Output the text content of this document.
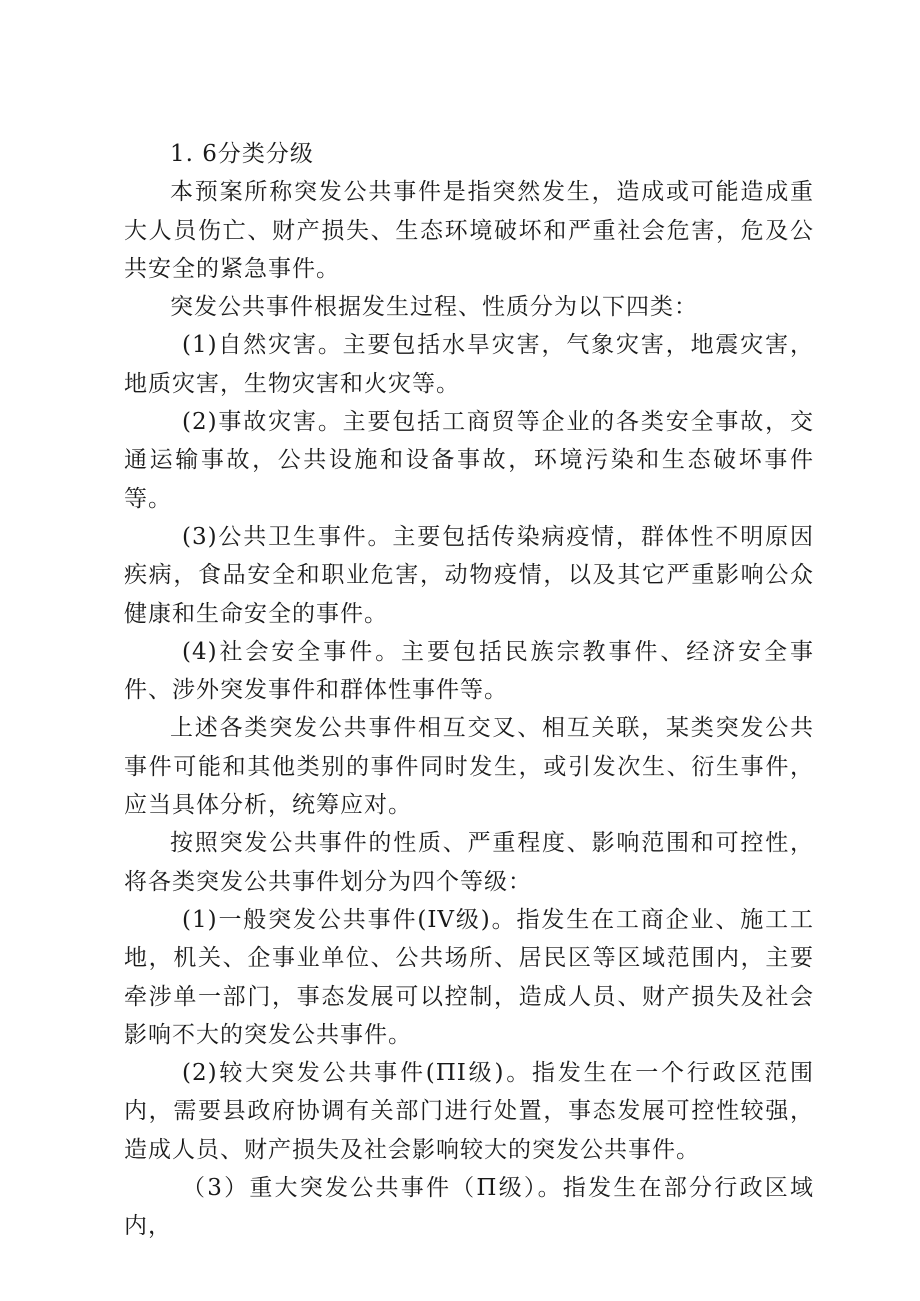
1. 6分类分级

本预案所称突发公共事件是指突然发生，造成或可能造成重大人员伤亡、财产损失、生态环境破坏和严重社会危害，危及公共安全的紧急事件。

突发公共事件根据发生过程、性质分为以下四类：

(1)自然灾害。主要包括水旱灾害，气象灾害，地震灾害，地质灾害，生物灾害和火灾等。

(2)事故灾害。主要包括工商贸等企业的各类安全事故，交通运输事故，公共设施和设备事故，环境污染和生态破坏事件等。

(3)公共卫生事件。主要包括传染病疫情，群体性不明原因疾病，食品安全和职业危害，动物疫情，以及其它严重影响公众健康和生命安全的事件。

(4)社会安全事件。主要包括民族宗教事件、经济安全事件、涉外突发事件和群体性事件等。

上述各类突发公共事件相互交叉、相互关联，某类突发公共事件可能和其他类别的事件同时发生，或引发次生、衍生事件，应当具体分析，统筹应对。

按照突发公共事件的性质、严重程度、影响范围和可控性，将各类突发公共事件划分为四个等级：

(1)一般突发公共事件(IV级)。指发生在工商企业、施工工地，机关、企事业单位、公共场所、居民区等区域范围内，主要牵涉单一部门，事态发展可以控制，造成人员、财产损失及社会影响不大的突发公共事件。

(2)较大突发公共事件(ΠI级)。指发生在一个行政区范围内，需要县政府协调有关部门进行处置，事态发展可控性较强，造成人员、财产损失及社会影响较大的突发公共事件。

（3）重大突发公共事件（Π级）。指发生在部分行政区域内，
